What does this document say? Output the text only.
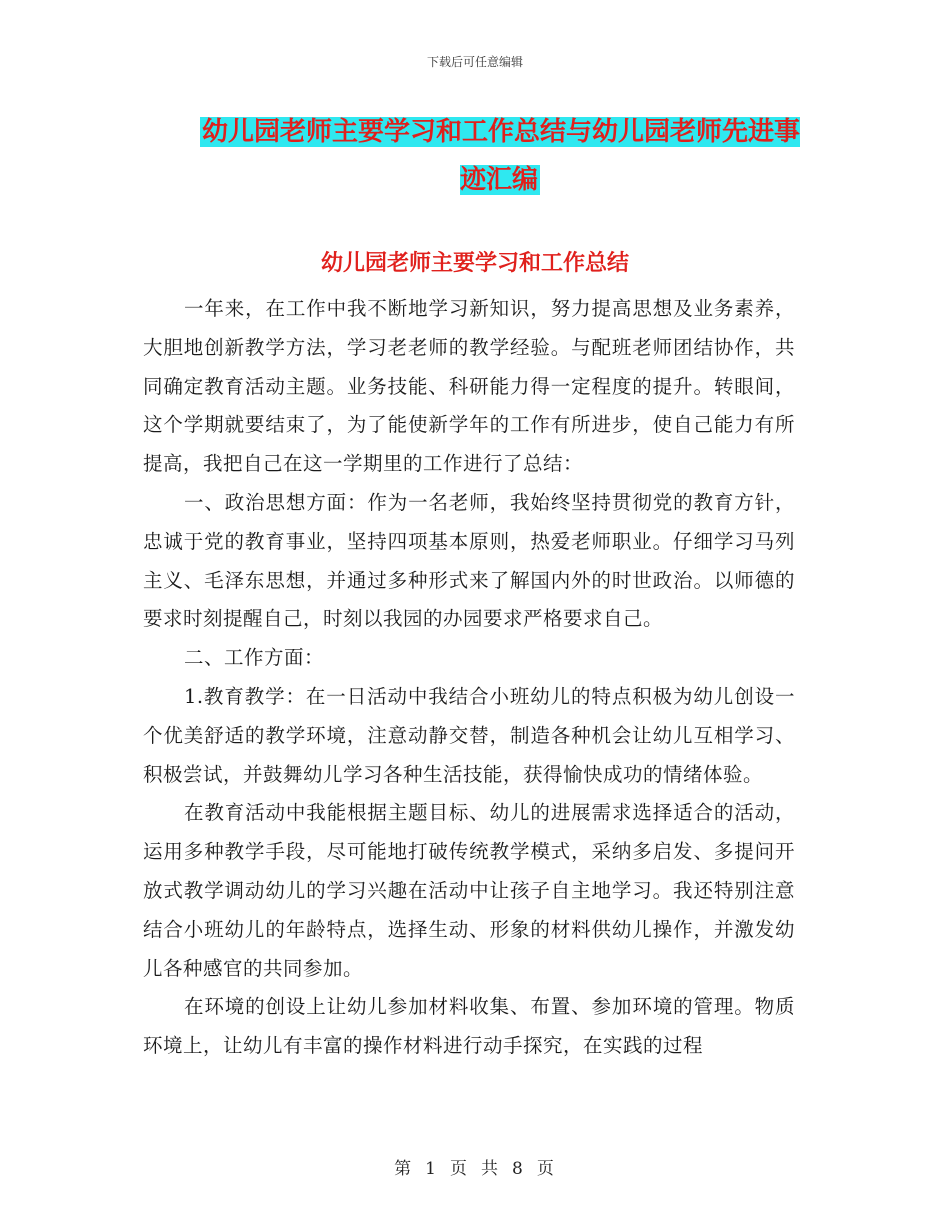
下载后可任意编辑
幼儿园老师主要学习和工作总结与幼儿园老师先进事迹汇编
幼儿园老师主要学习和工作总结

一年来，在工作中我不断地学习新知识，努力提高思想及业务素养，大胆地创新教学方法，学习老老师的教学经验。与配班老师团结协作，共同确定教育活动主题。业务技能、科研能力得一定程度的提升。转眼间，这个学期就要结束了，为了能使新学年的工作有所进步，使自己能力有所提高，我把自己在这一学期里的工作进行了总结：

一、政治思想方面：作为一名老师，我始终坚持贯彻党的教育方针，忠诚于党的教育事业，坚持四项基本原则，热爱老师职业。仔细学习马列主义、毛泽东思想，并通过多种形式来了解国内外的时世政治。以师德的要求时刻提醒自己，时刻以我园的办园要求严格要求自己。

二、工作方面：

1.教育教学：在一日活动中我结合小班幼儿的特点积极为幼儿创设一个优美舒适的教学环境，注意动静交替，制造各种机会让幼儿互相学习、积极尝试，并鼓舞幼儿学习各种生活技能，获得愉快成功的情绪体验。

在教育活动中我能根据主题目标、幼儿的进展需求选择适合的活动，运用多种教学手段，尽可能地打破传统教学模式，采纳多启发、多提问开放式教学调动幼儿的学习兴趣在活动中让孩子自主地学习。我还特别注意结合小班幼儿的年龄特点，选择生动、形象的材料供幼儿操作，并激发幼儿各种感官的共同参加。

在环境的创设上让幼儿参加材料收集、布置、参加环境的管理。物质环境上，让幼儿有丰富的操作材料进行动手探究，在实践的过程

第 1 页 共 8 页
